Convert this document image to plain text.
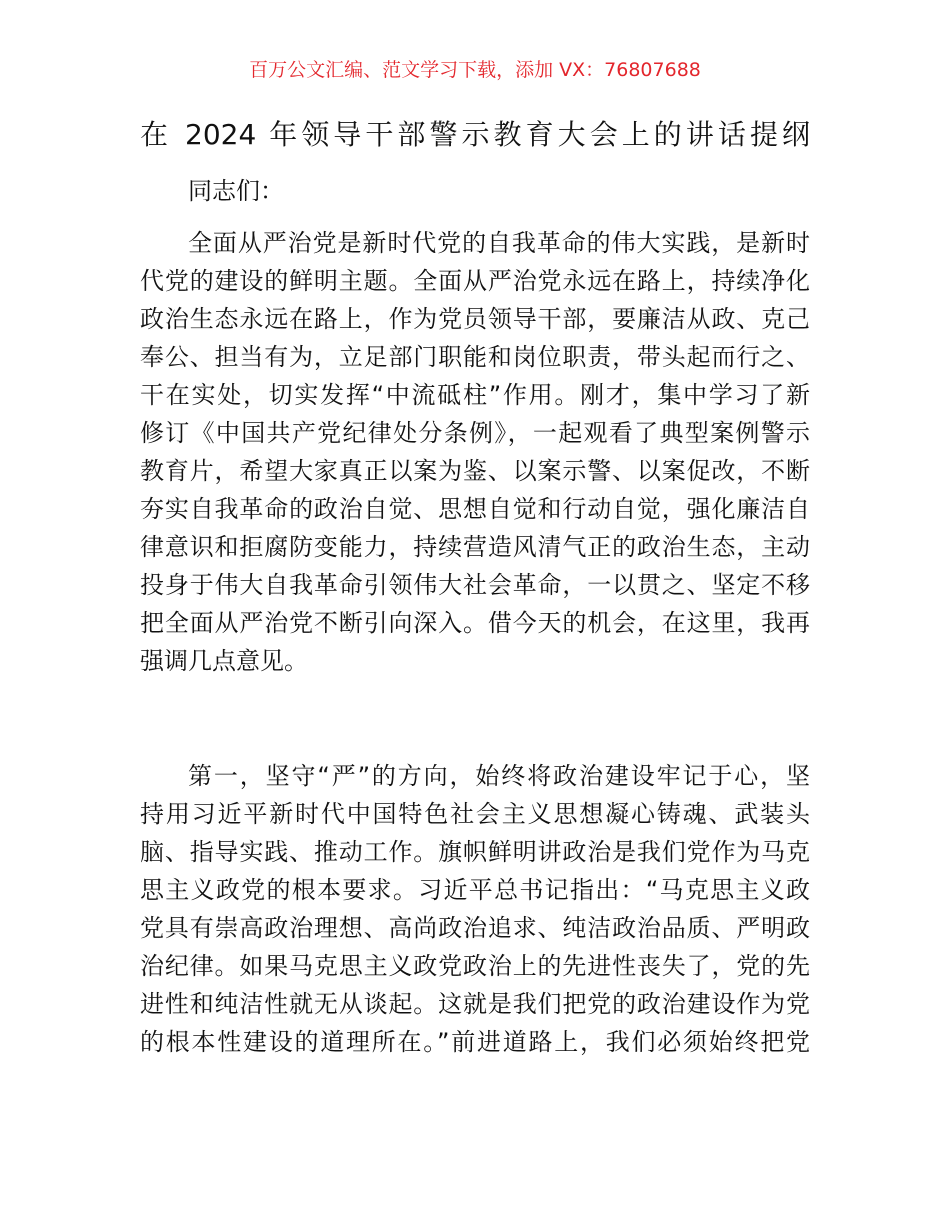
百万公文汇编、范文学习下载，添加 VX：76807688
在 2024 年领导干部警示教育大会上的讲话提纲
同志们：
全面从严治党是新时代党的自我革命的伟大实践，是新时
代党的建设的鲜明主题。全面从严治党永远在路上，持续净化
政治生态永远在路上，作为党员领导干部，要廉洁从政、克己
奉公、担当有为，立足部门职能和岗位职责，带头起而行之、
干在实处，切实发挥“中流砥柱”作用。刚才，集中学习了新
修订《中国共产党纪律处分条例》，一起观看了典型案例警示
教育片，希望大家真正以案为鉴、以案示警、以案促改，不断
夯实自我革命的政治自觉、思想自觉和行动自觉，强化廉洁自
律意识和拒腐防变能力，持续营造风清气正的政治生态，主动
投身于伟大自我革命引领伟大社会革命，一以贯之、坚定不移
把全面从严治党不断引向深入。借今天的机会，在这里，我再
强调几点意见。
第一，坚守“严”的方向，始终将政治建设牢记于心，坚
持用习近平新时代中国特色社会主义思想凝心铸魂、武装头
脑、指导实践、推动工作。旗帜鲜明讲政治是我们党作为马克
思主义政党的根本要求。习近平总书记指出：“马克思主义政
党具有崇高政治理想、高尚政治追求、纯洁政治品质、严明政
治纪律。如果马克思主义政党政治上的先进性丧失了，党的先
进性和纯洁性就无从谈起。这就是我们把党的政治建设作为党
的根本性建设的道理所在。”前进道路上，我们必须始终把党
